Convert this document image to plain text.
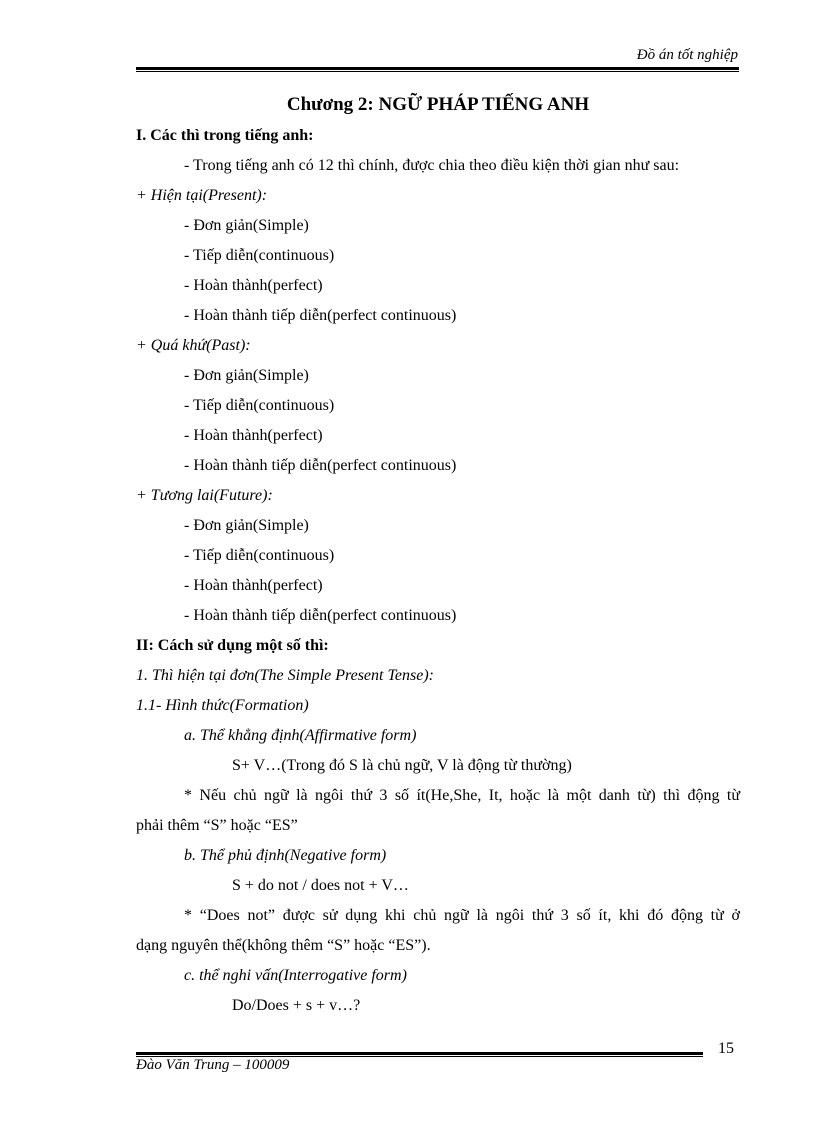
Đồ án tốt nghiệp
Chương 2: NGỮ PHÁP TIẾNG ANH
I. Các thì trong tiếng anh:
- Trong tiếng anh có 12 thì chính, được chia theo điều kiện thời gian như sau:
+ Hiện tại(Present):
- Đơn giản(Simple)
- Tiếp diễn(continuous)
- Hoàn thành(perfect)
- Hoàn thành tiếp diễn(perfect continuous)
+ Quá khứ(Past):
- Đơn giản(Simple)
- Tiếp diễn(continuous)
- Hoàn thành(perfect)
- Hoàn thành tiếp diễn(perfect continuous)
+ Tương lai(Future):
- Đơn giản(Simple)
- Tiếp diễn(continuous)
- Hoàn thành(perfect)
- Hoàn thành tiếp diễn(perfect continuous)
II: Cách sử dụng một số thì:
1. Thì hiện tại đơn(The Simple Present Tense):
1.1- Hình thức(Formation)
a. Thể khẳng định(Affirmative form)
S+ V…(Trong đó S là chủ ngữ, V là động từ thường)
* Nếu chủ ngữ là ngôi thứ 3 số ít(He,She, It, hoặc là một danh từ) thì động từ
phải thêm “S” hoặc “ES”
b. Thể phủ định(Negative form)
S + do not / does not + V…
* “Does not” được sử dụng khi chủ ngữ là ngôi thứ 3 số ít, khi đó động từ ở
dạng nguyên thể(không thêm “S” hoặc “ES”).
c. thể nghi vấn(Interrogative form)
Do/Does + s + v…?
15
Đào Văn Trung – 100009
